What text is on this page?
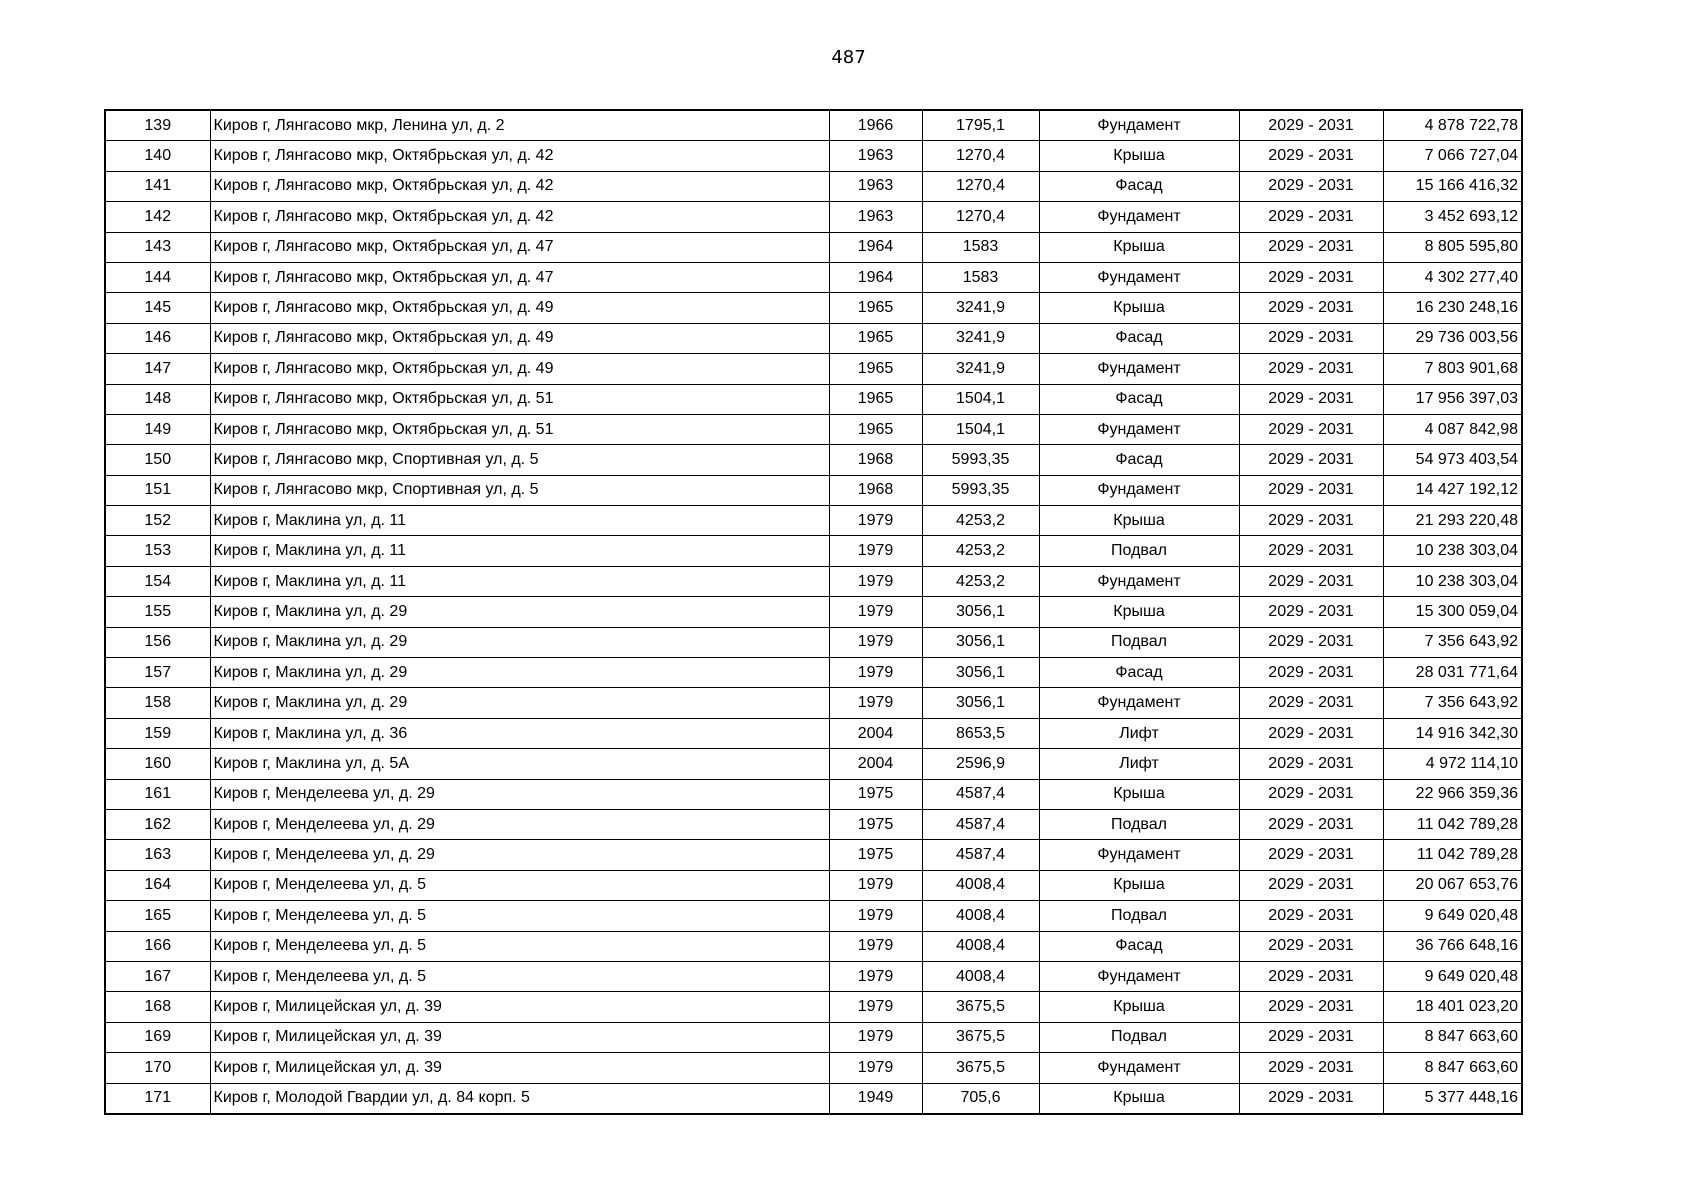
487
139	Киров г, Лянгасово мкр, Ленина ул, д. 2	1966	1795,1	Фундамент	2029 - 2031	4 878 722,78
140	Киров г, Лянгасово мкр, Октябрьская ул, д. 42	1963	1270,4	Крыша	2029 - 2031	7 066 727,04
141	Киров г, Лянгасово мкр, Октябрьская ул, д. 42	1963	1270,4	Фасад	2029 - 2031	15 166 416,32
142	Киров г, Лянгасово мкр, Октябрьская ул, д. 42	1963	1270,4	Фундамент	2029 - 2031	3 452 693,12
143	Киров г, Лянгасово мкр, Октябрьская ул, д. 47	1964	1583	Крыша	2029 - 2031	8 805 595,80
144	Киров г, Лянгасово мкр, Октябрьская ул, д. 47	1964	1583	Фундамент	2029 - 2031	4 302 277,40
145	Киров г, Лянгасово мкр, Октябрьская ул, д. 49	1965	3241,9	Крыша	2029 - 2031	16 230 248,16
146	Киров г, Лянгасово мкр, Октябрьская ул, д. 49	1965	3241,9	Фасад	2029 - 2031	29 736 003,56
147	Киров г, Лянгасово мкр, Октябрьская ул, д. 49	1965	3241,9	Фундамент	2029 - 2031	7 803 901,68
148	Киров г, Лянгасово мкр, Октябрьская ул, д. 51	1965	1504,1	Фасад	2029 - 2031	17 956 397,03
149	Киров г, Лянгасово мкр, Октябрьская ул, д. 51	1965	1504,1	Фундамент	2029 - 2031	4 087 842,98
150	Киров г, Лянгасово мкр, Спортивная ул, д. 5	1968	5993,35	Фасад	2029 - 2031	54 973 403,54
151	Киров г, Лянгасово мкр, Спортивная ул, д. 5	1968	5993,35	Фундамент	2029 - 2031	14 427 192,12
152	Киров г, Маклина ул, д. 11	1979	4253,2	Крыша	2029 - 2031	21 293 220,48
153	Киров г, Маклина ул, д. 11	1979	4253,2	Подвал	2029 - 2031	10 238 303,04
154	Киров г, Маклина ул, д. 11	1979	4253,2	Фундамент	2029 - 2031	10 238 303,04
155	Киров г, Маклина ул, д. 29	1979	3056,1	Крыша	2029 - 2031	15 300 059,04
156	Киров г, Маклина ул, д. 29	1979	3056,1	Подвал	2029 - 2031	7 356 643,92
157	Киров г, Маклина ул, д. 29	1979	3056,1	Фасад	2029 - 2031	28 031 771,64
158	Киров г, Маклина ул, д. 29	1979	3056,1	Фундамент	2029 - 2031	7 356 643,92
159	Киров г, Маклина ул, д. 36	2004	8653,5	Лифт	2029 - 2031	14 916 342,30
160	Киров г, Маклина ул, д. 5А	2004	2596,9	Лифт	2029 - 2031	4 972 114,10
161	Киров г, Менделеева ул, д. 29	1975	4587,4	Крыша	2029 - 2031	22 966 359,36
162	Киров г, Менделеева ул, д. 29	1975	4587,4	Подвал	2029 - 2031	11 042 789,28
163	Киров г, Менделеева ул, д. 29	1975	4587,4	Фундамент	2029 - 2031	11 042 789,28
164	Киров г, Менделеева ул, д. 5	1979	4008,4	Крыша	2029 - 2031	20 067 653,76
165	Киров г, Менделеева ул, д. 5	1979	4008,4	Подвал	2029 - 2031	9 649 020,48
166	Киров г, Менделеева ул, д. 5	1979	4008,4	Фасад	2029 - 2031	36 766 648,16
167	Киров г, Менделеева ул, д. 5	1979	4008,4	Фундамент	2029 - 2031	9 649 020,48
168	Киров г, Милицейская ул, д. 39	1979	3675,5	Крыша	2029 - 2031	18 401 023,20
169	Киров г, Милицейская ул, д. 39	1979	3675,5	Подвал	2029 - 2031	8 847 663,60
170	Киров г, Милицейская ул, д. 39	1979	3675,5	Фундамент	2029 - 2031	8 847 663,60
171	Киров г, Молодой Гвардии ул, д. 84 корп. 5	1949	705,6	Крыша	2029 - 2031	5 377 448,16
